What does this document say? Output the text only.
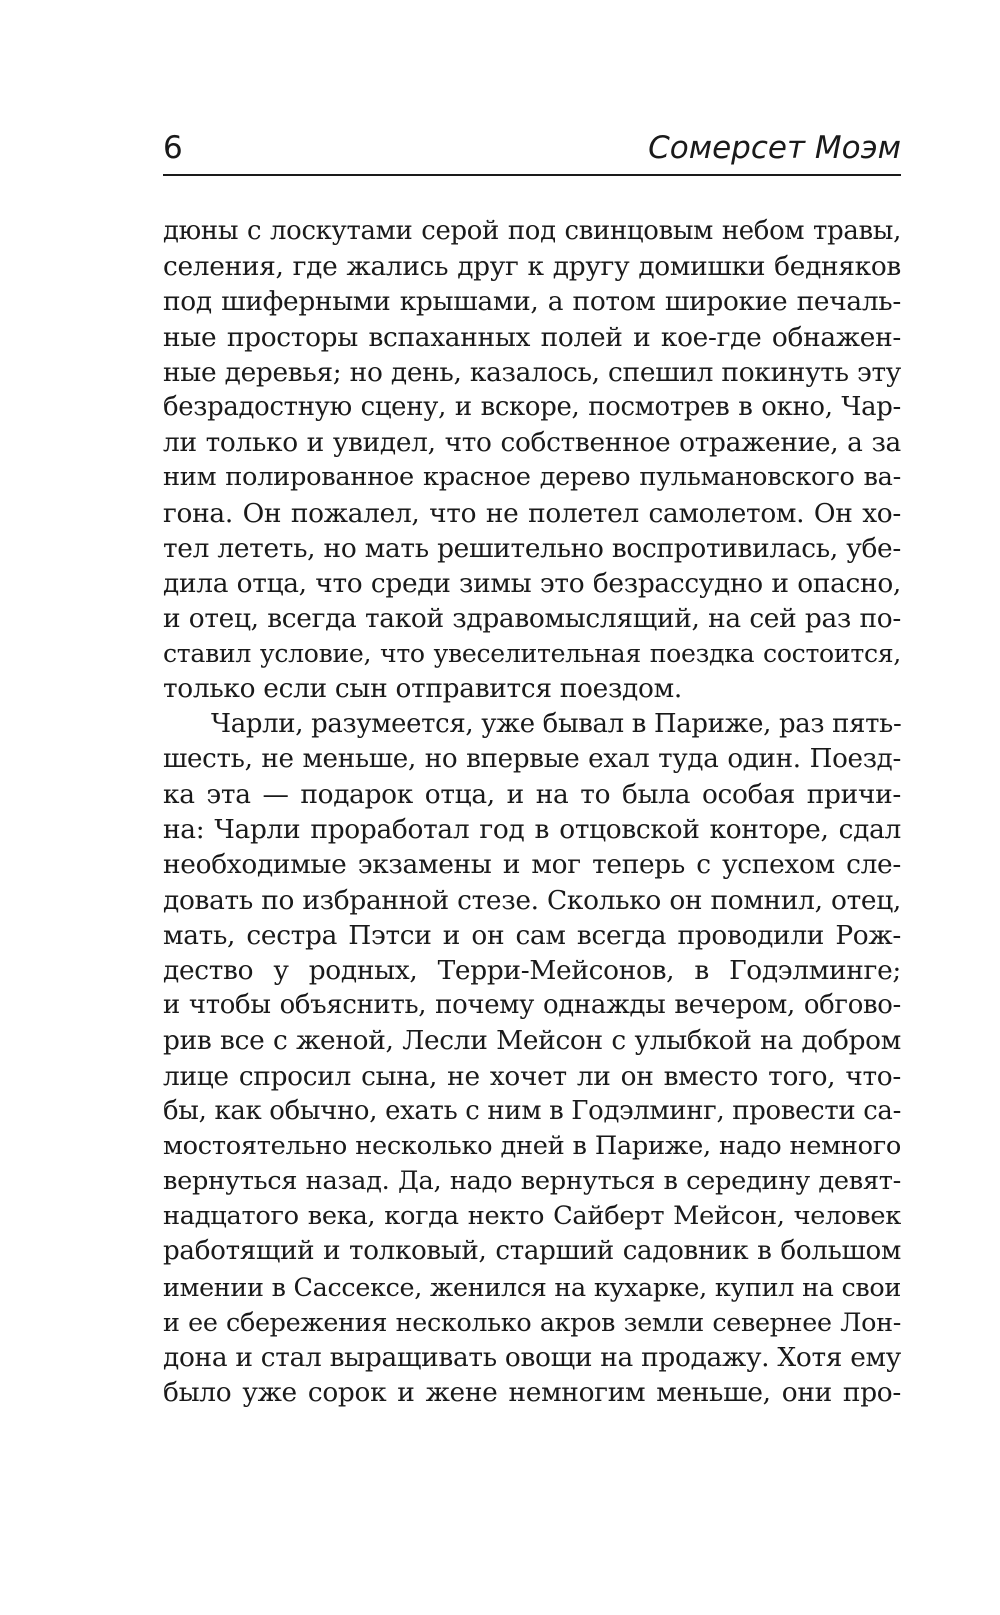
6	Сомерсет Моэм
дюны с лоскутами серой под свинцовым небом травы,
селения, где жались друг к другу домишки бедняков
под шиферными крышами, а потом широкие печаль-
ные просторы вспаханных полей и кое-где обнажен-
ные деревья; но день, казалось, спешил покинуть эту
безрадостную сцену, и вскоре, посмотрев в окно, Чар-
ли только и увидел, что собственное отражение, а за
ним полированное красное дерево пульмановского ва-
гона. Он пожалел, что не полетел самолетом. Он хо-
тел лететь, но мать решительно воспротивилась, убе-
дила отца, что среди зимы это безрассудно и опасно,
и отец, всегда такой здравомыслящий, на сей раз по-
ставил условие, что увеселительная поездка состоится,
только если сын отправится поездом.
Чарли, разумеется, уже бывал в Париже, раз пять-
шесть, не меньше, но впервые ехал туда один. Поезд-
ка эта — подарок отца, и на то была особая причи-
на: Чарли проработал год в отцовской конторе, сдал
необходимые экзамены и мог теперь с успехом сле-
довать по избранной стезе. Сколько он помнил, отец,
мать, сестра Пэтси и он сам всегда проводили Рож-
дество у родных, Терри-Мейсонов, в Годэлминге;
и чтобы объяснить, почему однажды вечером, обгово-
рив все с женой, Лесли Мейсон с улыбкой на добром
лице спросил сына, не хочет ли он вместо того, что-
бы, как обычно, ехать с ним в Годэлминг, провести са-
мостоятельно несколько дней в Париже, надо немного
вернуться назад. Да, надо вернуться в середину девят-
надцатого века, когда некто Сайберт Мейсон, человек
работящий и толковый, старший садовник в большом
имении в Сассексе, женился на кухарке, купил на свои
и ее сбережения несколько акров земли севернее Лон-
дона и стал выращивать овощи на продажу. Хотя ему
было уже сорок и жене немногим меньше, они про-
